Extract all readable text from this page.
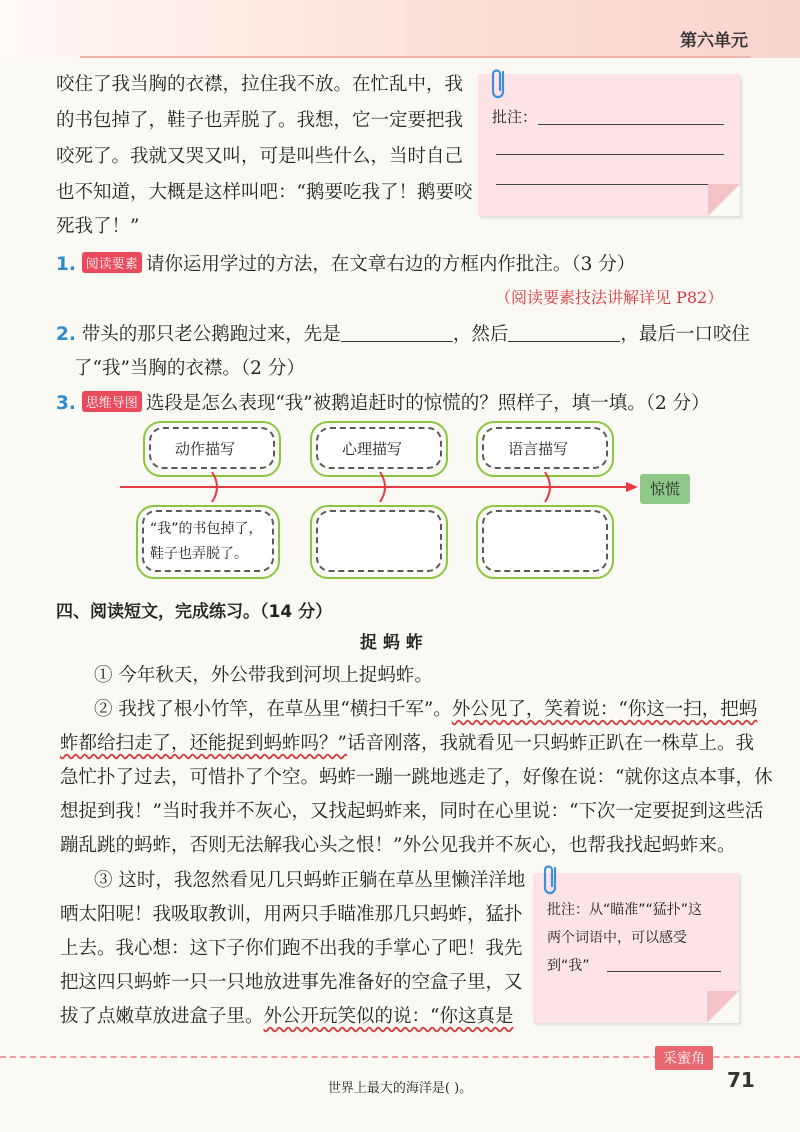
第六单元
咬住了我当胸的衣襟，拉住我不放。在忙乱中，我
的书包掉了，鞋子也弄脱了。我想，它一定要把我
咬死了。我就又哭又叫，可是叫些什么，当时自己
也不知道，大概是这样叫吧：“鹅要吃我了！鹅要咬
死我了！”
批注：
1. 阅读要素 请你运用学过的方法，在文章右边的方框内作批注。（3 分）
（阅读要素技法讲解详见 P82）
2. 带头的那只老公鹅跑过来，先是	，然后	，最后一口咬住
了“我”当胸的衣襟。（2 分）
3. 思维导图 选段是怎么表现“我”被鹅追赶时的惊慌的？照样子，填一填。（2 分）
动作描写	心理描写	语言描写
惊慌
“我”的书包掉了，
鞋子也弄脱了。
四、阅读短文，完成练习。（14 分）
捉 蚂 蚱
① 今年秋天，外公带我到河坝上捉蚂蚱。
② 我找了根小竹竿，在草丛里“横扫千军”。外公见了，笑着说：“你这一扫，把蚂
蚱都给扫走了，还能捉到蚂蚱吗？”话音刚落，我就看见一只蚂蚱正趴在一株草上。我
急忙扑了过去，可惜扑了个空。蚂蚱一蹦一跳地逃走了，好像在说：“就你这点本事，休
想捉到我！”当时我并不灰心，又找起蚂蚱来，同时在心里说：“下次一定要捉到这些活
蹦乱跳的蚂蚱，否则无法解我心头之恨！”外公见我并不灰心，也帮我找起蚂蚱来。
③ 这时，我忽然看见几只蚂蚱正躺在草丛里懒洋洋地
晒太阳呢！我吸取教训，用两只手瞄准那几只蚂蚱，猛扑
上去。我心想：这下子你们跑不出我的手掌心了吧！我先
把这四只蚂蚱一只一只地放进事先准备好的空盒子里，又
拔了点嫩草放进盒子里。外公开玩笑似的说：“你这真是
批注：从“瞄准”“猛扑”这
两个词语中，可以感受
到“我”
采蜜角
71
世界上最大的海洋是( )。
